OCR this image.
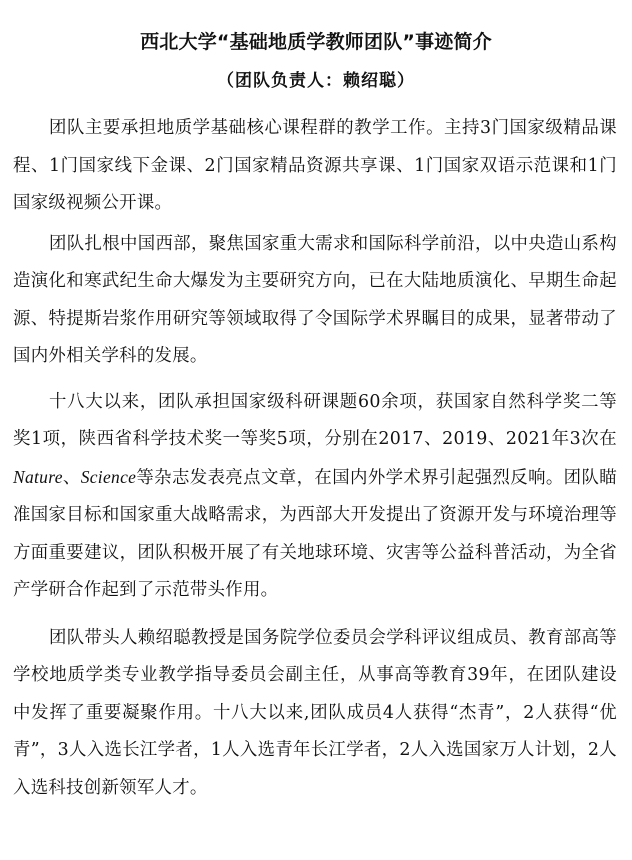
西北大学“基础地质学教师团队”事迹简介
（团队负责人：赖绍聪）

团队主要承担地质学基础核心课程群的教学工作。主持3门国家级精品课程、1门国家线下金课、2门国家精品资源共享课、1门国家双语示范课和1门国家级视频公开课。

团队扎根中国西部，聚焦国家重大需求和国际科学前沿，以中央造山系构造演化和寒武纪生命大爆发为主要研究方向，已在大陆地质演化、早期生命起源、特提斯岩浆作用研究等领域取得了令国际学术界瞩目的成果，显著带动了国内外相关学科的发展。

十八大以来，团队承担国家级科研课题60余项，获国家自然科学奖二等奖1项，陕西省科学技术奖一等奖5项，分别在2017、2019、2021年3次在Nature、Science等杂志发表亮点文章，在国内外学术界引起强烈反响。团队瞄准国家目标和国家重大战略需求，为西部大开发提出了资源开发与环境治理等方面重要建议，团队积极开展了有关地球环境、灾害等公益科普活动，为全省产学研合作起到了示范带头作用。

团队带头人赖绍聪教授是国务院学位委员会学科评议组成员、教育部高等学校地质学类专业教学指导委员会副主任，从事高等教育39年，在团队建设中发挥了重要凝聚作用。十八大以来,团队成员4人获得“杰青”，2人获得“优青”，3人入选长江学者，1人入选青年长江学者，2人入选国家万人计划，2人入选科技创新领军人才。
